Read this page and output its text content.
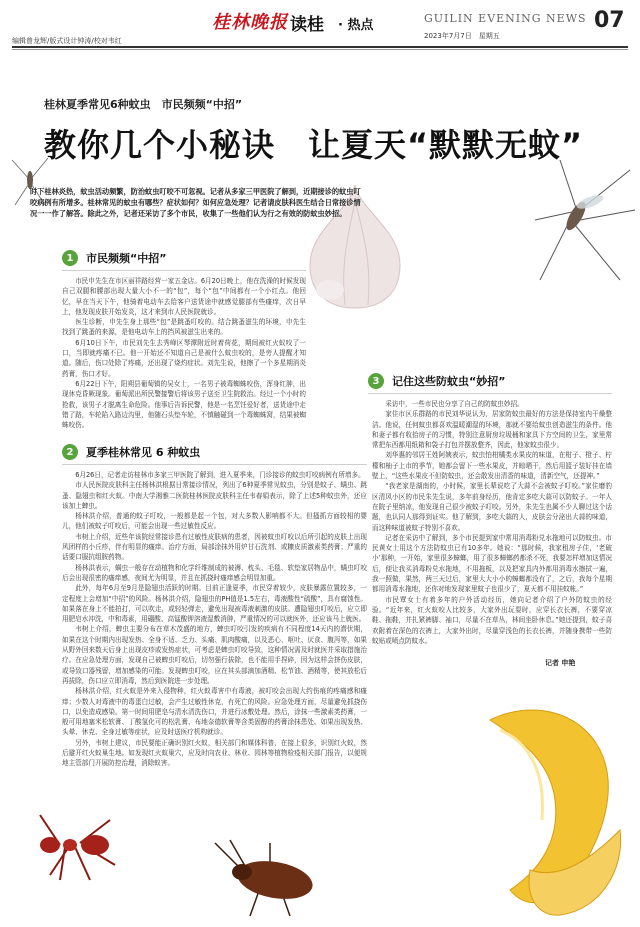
编辑曾龙辉/版式设计钟涛/校对韦红
桂林晚报 读桂 · 热点	GUILIN EVENING NEWS
2023年7月7日　星期五
07
桂林夏季常见6种蚊虫　市民频频“中招”
教你几个小秘诀　让夏天“默默无蚊”
时下桂林炎热，蚊虫活动频繁，防治蚊虫叮咬不可忽视。记者从多家三甲医院了解到，近期接诊的蚊虫叮咬病例有所增多。桂林常见的蚊虫有哪些？症状如何？如何应急处理？记者请皮肤科医生结合日常接诊情况一一作了解答。除此之外，记者还采访了多个市民，收集了一些他们认为行之有效的防蚊虫妙招。
1	市民频频“中招”

市民申先生在市区丽祥路经营一家五金店。6月20日晚上，他在洗澡的时候发现自己双腿和腰部出现大量大小不一的“包”，每个“包”中间都有一个小红点。他回忆，早在当天下午，他骑着电动车去给客户送货途中就感觉腿部有些瘙痒，次日早上，他发现皮肤开始发炎，这才来到市人民医院就诊。

医生诊断，申先生身上那些“包”是跳蚤叮咬的。结合跳蚤滋生的环境，申先生找到了跳蚤的来源，是他电动车上的挡风被滋生出来的。

6月10日下午，市民刘先生去秀峰区琴潭附近时着荷花，期间被红火蚁咬了一口，当即就疼痛不已。他一开始还不知道自己是被什么蚊虫咬的，是旁人提醒才知道。随后，伤口处除了疼痛，还出现了烧灼症状。刘先生说，他擦了一个多星期消炎药膏，伤口才好。

6月22日下午，阳朔县葡萄镇的吴女士，一名男子被毒蜘蛛咬伤，浑身红肿，出现休克昏厥现象。葡萄派出所民警接警后将该男子送至卫生院救治。经过一个小时的抢救，该男子才脱离生命危险。他事后告诉民警，他是一名烹饪爱好者，送货途中走错了路，车轮陷入路边沟里，他随石头垫车轮，不慎触碰到一个毒蜘蛛窝，结果被蜘蛛咬伤。

2	夏季桂林常见 6 种蚊虫

6月26日，记者走访桂林市多家三甲医院了解到，进入夏季来，门诊接诊的蚊虫叮咬病例有所增多。

市人民医院皮肤科主任杨林洪根据日常接诊情况，列出了6种夏季常见蚊虫，分别是蚊子、螨虫、跳蚤、隐翅虫和红火蚁。中南大学湘雅二医院桂林医院皮肤科主任韦春娟表示，除了上述5种蚊虫外，还应该加上蜱虫。

杨林洪介绍，普通的蚊子叮咬，一般都是起一个包，对大多数人影响都不大。但搔抓方面较相的婴儿，他们被蚊子叮咬后，可能会出现一些过敏性反应。

韦树上介绍，近些年该院经常接诊患有过敏性皮肤病的患者，因被蚊虫叮咬以后所引起的皮肤上出现风团样的小丘疹，伴有明显的瘙痒。治疗方面，局部涂抹外用炉甘石洗剂、或糠皮质激素类药膏；严重的话要口服抗组胺药物。

杨林洪表示，螨虫一般存在动植物和化学纤维制成的被褥、枕头、毛毯、软垫家居物品中，螨虫叮咬后会出现很密的瘙痒感，夜间尤为明显，并且在抓挠时瘙痒感会明显加重。

此外，每年6月至9月是隐翅虫活跃的时期。目前正逢夏季，市民穿着较少，皮肤暴露位置较多，一定程度上会增加“中招”的风险。杨林洪介绍，隐翅虫的PH值是1.5左右，毒液酸性“硫酸”，具有腐蚀性。如果落在身上不能拍打，可以吹走，或轻轻弹走，避免出现被毒液刺激的皮肤。遭隐翅虫叮咬后，应立即用肥皂水冲洗，中和毒素，用硼酸、高锰酸钾溶液湿敷消肿，严重情况的可以就医外，还应该马上就医。

韦树上介绍，蜱虫主要分布在草木茂盛的地方，蜱虫叮咬引发的疾病有不同程度14天内的潜伏期，如果在这个时期内出现发热、全身不适、乏力、头痛、肌肉酸痛，以及恶心、呕吐、厌食、腹泻等，如果从野外回来数天后身上出现皮疹或发热症状，可考虑是蜱虫叮咬导致，这种情况需及时就医并采取措施治疗。在应急处理方面，发现自己被蜱虫叮咬后，切勿强行拔除，也不能用手捏碎，因为这样会挤伤皮肤，或导致口器残留，增加感染的可能。发现蜱虫叮咬，应在其头部滴加酒精、松节油、酒精等，使其放松后再拔除，伤口应立即消毒，然后到医院进一步处理。

杨林洪介绍，红火蚁是外来入侵物种，红火蚁毒害中有毒液，被叮咬会出现大约伤痕的疼痛感和瘙痒；少数人对毒液中的毒蛋白过敏，会产生过敏性休克，有死亡的风险。应急处理方面，尽量避免抓挠伤口，以免造成感染。第一时间用肥皂与清水清洗伤口，并进行冰敷处理。然后，涂抹一些激素类药膏，一般可用地塞米松软膏、丁酸氢化可的松乳膏、布地奈德软膏等含类固醇的药膏涂抹患处。如果出现发热、头晕、休克、全身过敏等症状，应及时送医疗机构就诊。

另外，韦树上建议，市民要能正确识别红火蚁，相关部门和媒体科普，在接上很多，识别红火蚁，然后避开红火蚁巢生地。如发现红火蚁巢穴，应及时向农业、林业、园林等植物检疫相关部门报告，以便规地主管部门开展防控治理，消除蚁害。

3	记住这些防蚊虫“妙招”

采访中，一些市民也分享了自己的防蚊虫妙招。

家住市区乐群路的市民刘华说认为，居家防蚊虫最好的方法是保持室内干燥整洁。他说，任何蚊虫都喜欢温暖潮湿的环境，那就不要给蚊虫创造滋生的条件。他和妻子都有收拾房子的习惯，特别注意厨房垃圾桶和家具下方空间的卫生，家里常常把东西都用纸箱和袋子打包并摆放整齐，因此，他家蚊虫很少。

刘华惠的邻居王姓阿姨表示，蚊虫怕柑橘类水果皮的味道，在柑子、橙子、柠檬和柚子上市的季节，她都会留下一些水果皮，并晾晒干，然后用篮子装好挂在墙壁上，“这些水果皮不但防蚊虫，还会散发出清香的味道，清新空气，还提神。”

“我老家是湖南的，小时候，家里长辈说吃了大蒜不会被蚊子叮咬。”家住磨豹区清风小区的市民朱先生说，多年前身经历，他肯定多吃大蒜可以防蚊子。一年人在院子里纳凉，他发现自己很少被蚊子叮咬。另外，朱先生也属不少人聊过这个话题，也认同人那得到证实。他了解到，多吃大蒜的人，皮肤会分泌出大蒜的味道，而这种味道被蚊子特别不喜欢。

记者在采访中了解到，多个市民提到家中常用消毒粉兑水拖地可以防蚊虫。市民黄女士用这个方法防蚊虫已有10多年。她说：“那时候，我家租房子住，‘老破小’那种，一开始，家里很多蟑螂，用了很多蟑螂药都杀不死，我要怎样增加这情况后，便让我买消毒粉兑水拖地，不用拖板，以及把家具内外都用消毒水擦拭一遍，我一照做，果然，两三天过后，家里大大小小的蟑螂都没有了，之后，我每个星期都用消毒水拖地，还你对地发现家里蚊子也很少了，夏天都不用挂蚊帐。”

市民覃女士有着多年的户外活动经历，她向记者介绍了户外防蚊虫的经验。“近年来，红火蚁咬人比较多，大家外出玩耍时，应穿长衣长裤，不要穿凉鞋、拖鞋，并扎紧裤脚、袖口，尽量不在草丛，林间坐卧休息。”她还提到，蚊子喜欢附着在深色的衣裤上，大家外出时，尽量穿浅色的长衣长裤，并随身携带一些防蚊贴或喷点防蚊水。

记者 申艳
